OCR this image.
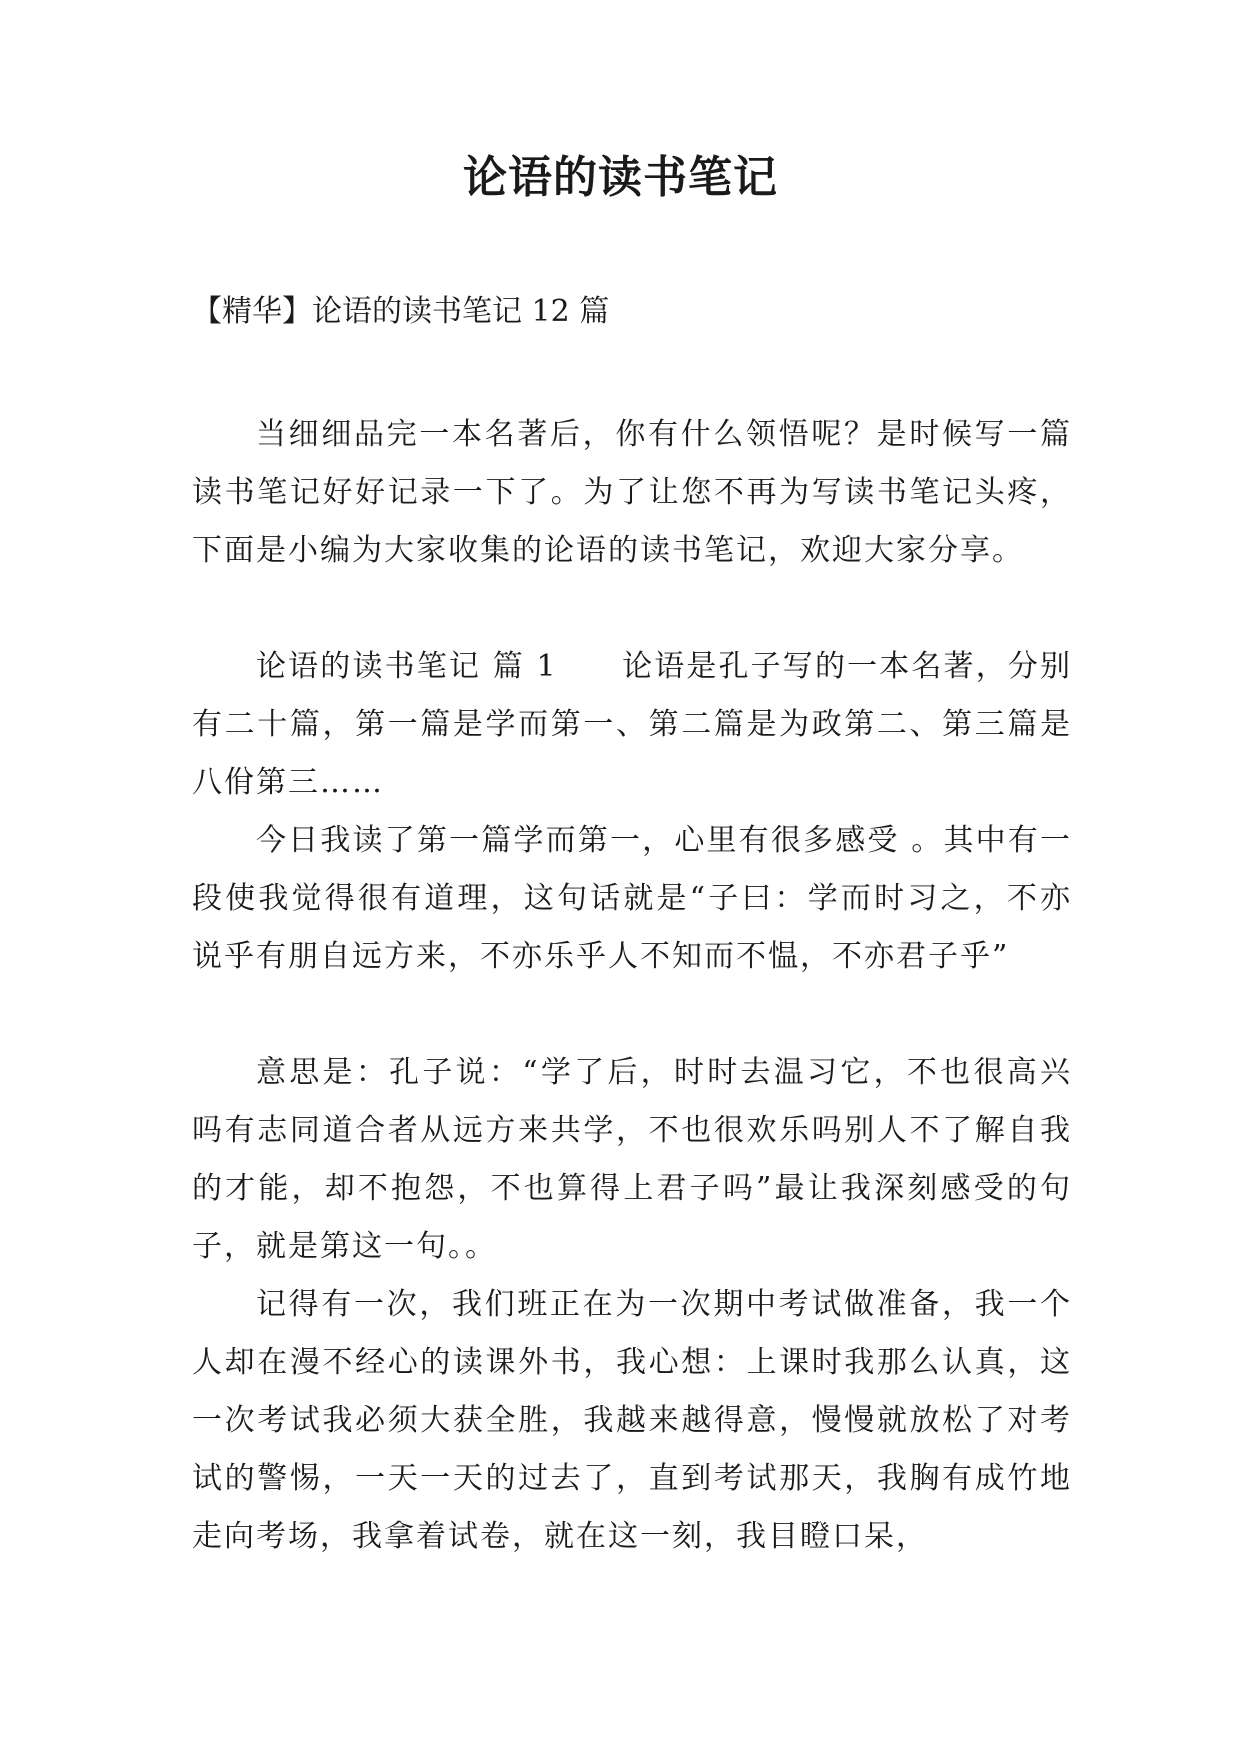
论语的读书笔记

【精华】论语的读书笔记 12 篇

当细细品完一本名著后，你有什么领悟呢？是时候写一篇读书笔记好好记录一下了。为了让您不再为写读书笔记头疼，下面是小编为大家收集的论语的读书笔记，欢迎大家分享。

论语的读书笔记 篇 1　　论语是孔子写的一本名著，分别有二十篇，第一篇是学而第一、第二篇是为政第二、第三篇是八佾第三……

今日我读了第一篇学而第一，心里有很多感受 。其中有一段使我觉得很有道理，这句话就是“子曰：学而时习之，不亦说乎有朋自远方来，不亦乐乎人不知而不愠，不亦君子乎”

意思是：孔子说：“学了后，时时去温习它，不也很高兴吗有志同道合者从远方来共学，不也很欢乐吗别人不了解自我的才能，却不抱怨，不也算得上君子吗”最让我深刻感受的句子，就是第这一句。。

记得有一次，我们班正在为一次期中考试做准备，我一个人却在漫不经心的读课外书，我心想：上课时我那么认真，这一次考试我必须大获全胜，我越来越得意，慢慢就放松了对考试的警惕，一天一天的过去了，直到考试那天，我胸有成竹地走向考场，我拿着试卷，就在这一刻，我目瞪口呆，
